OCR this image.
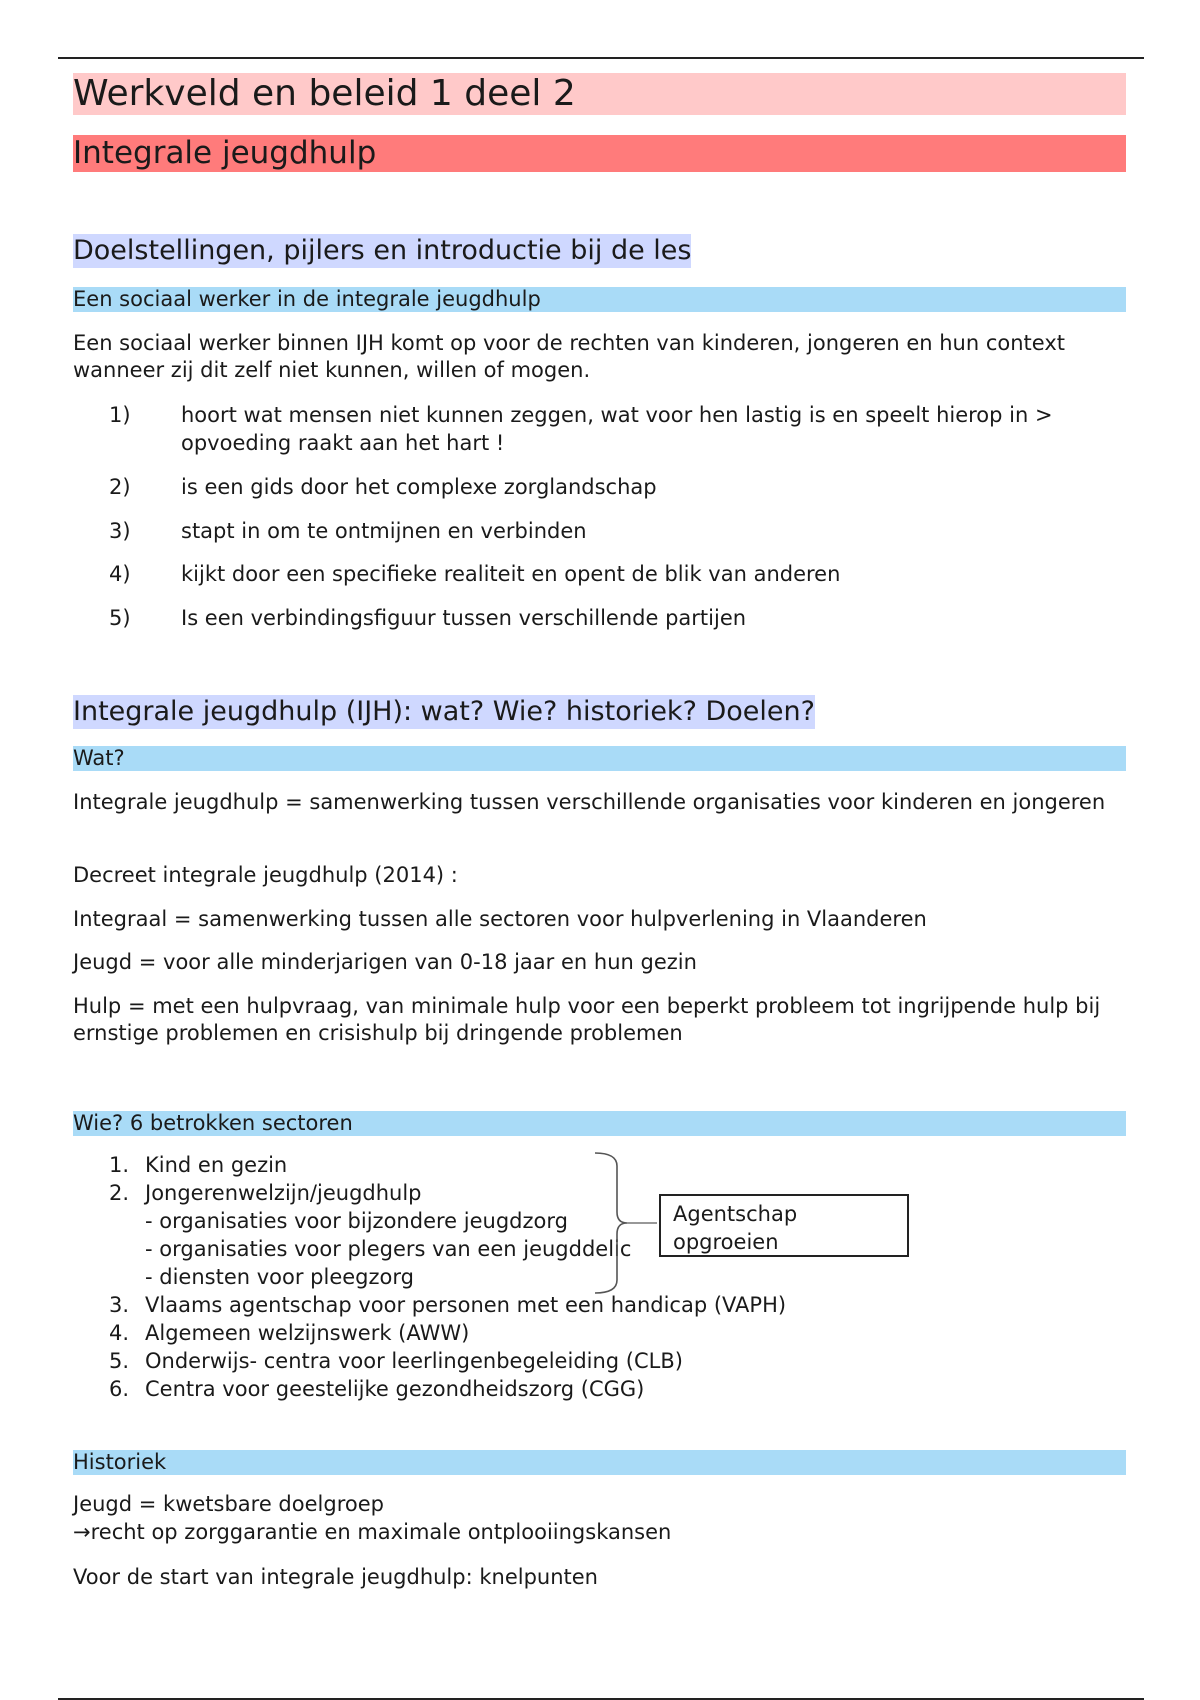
Werkveld en beleid 1 deel 2
Integrale jeugdhulp
Doelstellingen, pijlers en introductie bij de les
Een sociaal werker in de integrale jeugdhulp
Een sociaal werker binnen IJH komt op voor de rechten van kinderen, jongeren en hun context wanneer zij dit zelf niet kunnen, willen of mogen.
1)	hoort wat mensen niet kunnen zeggen, wat voor hen lastig is en speelt hierop in > opvoeding raakt aan het hart !
2)	is een gids door het complexe zorglandschap
3)	stapt in om te ontmijnen en verbinden
4)	kijkt door een specifieke realiteit en opent de blik van anderen
5)	Is een verbindingsfiguur tussen verschillende partijen
Integrale jeugdhulp (IJH): wat? Wie? historiek? Doelen?
Wat?
Integrale jeugdhulp = samenwerking tussen verschillende organisaties voor kinderen en jongeren
Decreet integrale jeugdhulp (2014) :
Integraal = samenwerking tussen alle sectoren voor hulpverlening in Vlaanderen
Jeugd = voor alle minderjarigen van 0-18 jaar en hun gezin
Hulp = met een hulpvraag, van minimale hulp voor een beperkt probleem tot ingrijpende hulp bij ernstige problemen en crisishulp bij dringende problemen
Wie? 6 betrokken sectoren
1. Kind en gezin
2. Jongerenwelzijn/jeugdhulp
- organisaties voor bijzondere jeugdzorg
- organisaties voor plegers van een jeugddelic
- diensten voor pleegzorg
Agentschap
opgroeien
3. Vlaams agentschap voor personen met een handicap (VAPH)
4. Algemeen welzijnswerk (AWW)
5. Onderwijs- centra voor leerlingenbegeleiding (CLB)
6. Centra voor geestelijke gezondheidszorg (CGG)
Historiek
Jeugd = kwetsbare doelgroep
→recht op zorggarantie en maximale ontplooiingskansen
Voor de start van integrale jeugdhulp: knelpunten
